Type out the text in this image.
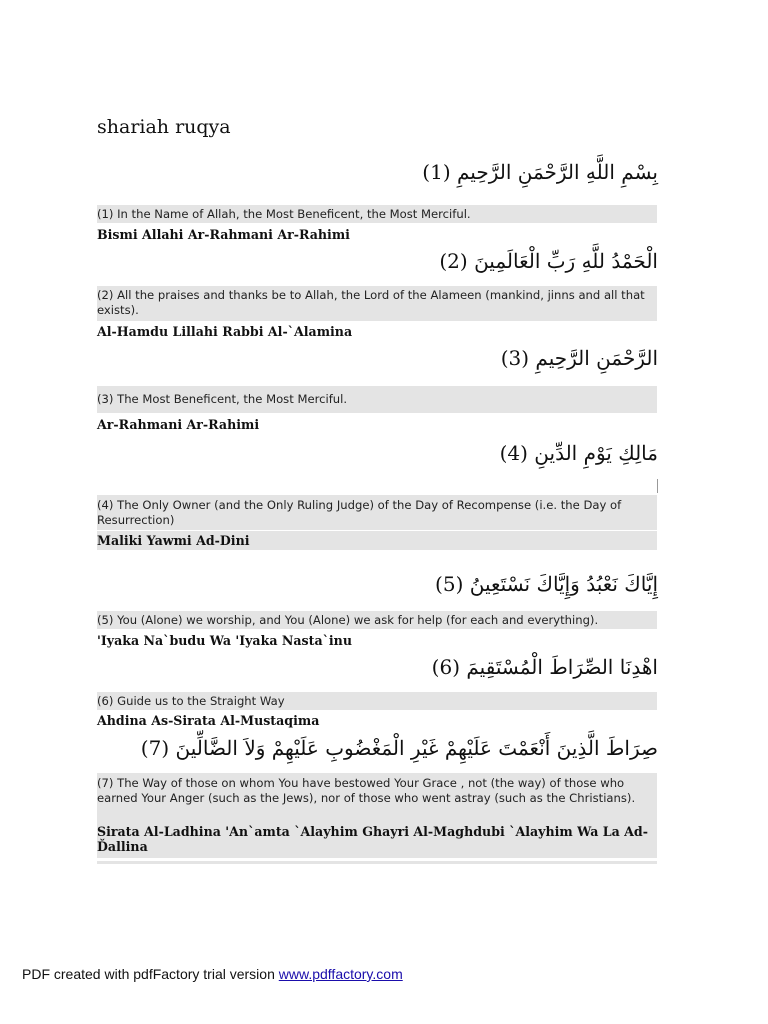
shariah ruqya
بِسْمِ اللَّهِ الرَّحْمَنِ الرَّحِيمِ (1)
(1) In the Name of Allah, the Most Beneficent, the Most Merciful.
Bismi Allahi Ar-Rahmani Ar-Rahimi
الْحَمْدُ للَّهِ رَبِّ الْعَالَمِينَ (2)
(2) All the praises and thanks be to Allah, the Lord of the Alameen (mankind, jinns and all that exists).
Al-Hamdu Lillahi Rabbi Al-`Alamina
الرَّحْمَنِ الرَّحِيمِ (3)
(3) The Most Beneficent, the Most Merciful.
Ar-Rahmani Ar-Rahimi
مَالِكِ يَوْمِ الدِّينِ (4)
(4) The Only Owner (and the Only Ruling Judge) of the Day of Recompense (i.e. the Day of Resurrection)
Maliki Yawmi Ad-Dini
إِيَّاكَ نَعْبُدُ وَإِيَّاكَ نَسْتَعِينُ (5)
(5) You (Alone) we worship, and You (Alone) we ask for help (for each and everything).
'Iyaka Na`budu Wa 'Iyaka Nasta`inu
اهْدِنَا الصِّرَاطَ الْمُسْتَقِيمَ (6)
(6) Guide us to the Straight Way
Ahdina As-Sirata Al-Mustaqima
صِرَاطَ الَّذِينَ أَنْعَمْتَ عَلَيْهِمْ غَيْرِ الْمَغْضُوبِ عَلَيْهِمْ وَلاَ الضَّالِّينَ (7)
(7) The Way of those on whom You have bestowed Your Grace , not (the way) of those who earned Your Anger (such as the Jews), nor of those who went astray (such as the Christians).
Sirata Al-Ladhina 'An`amta `Alayhim Ghayri Al-Maghdubi `Alayhim Wa La Ad-Ďallina
PDF created with pdfFactory trial version www.pdffactory.com
